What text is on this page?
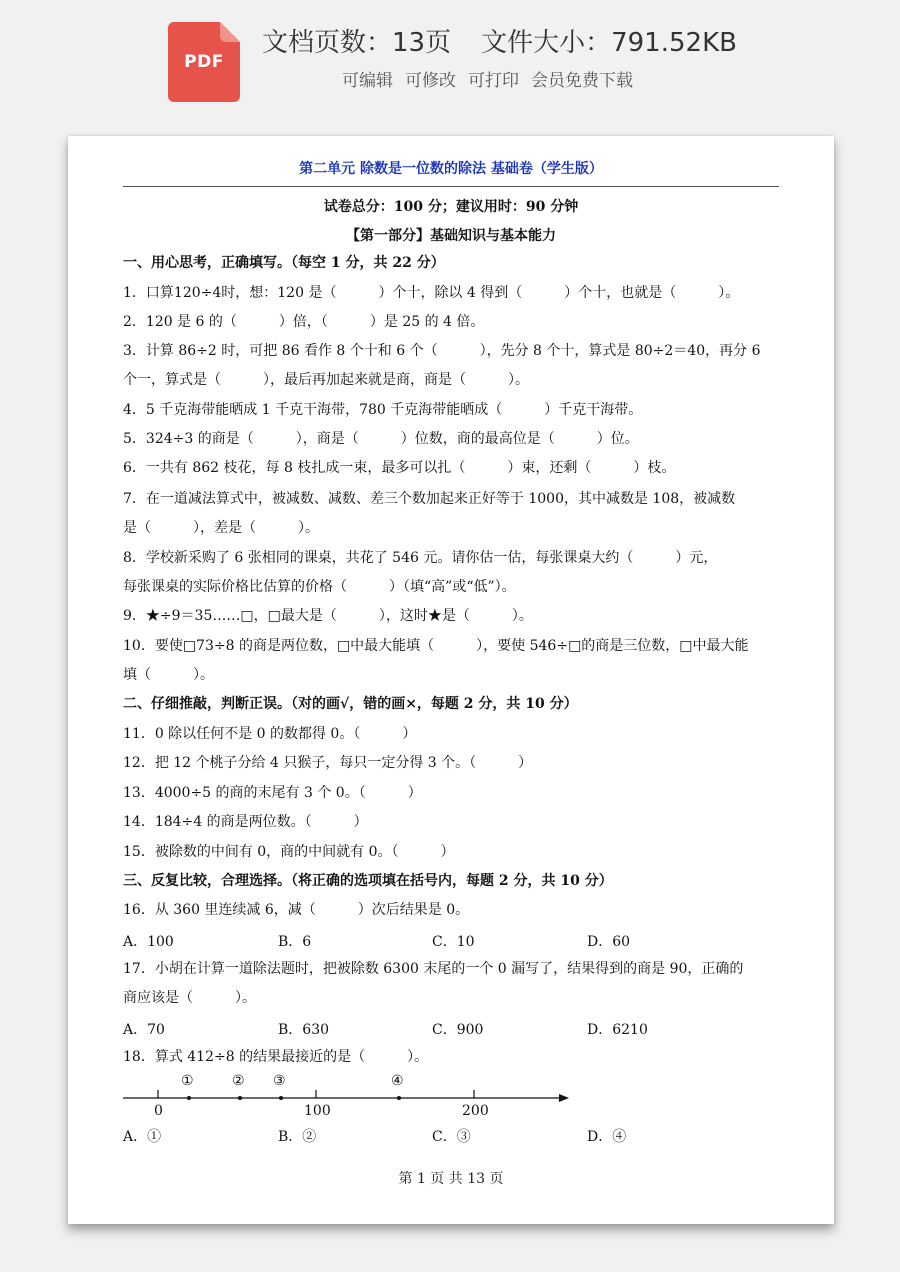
PDF
文档页数：13页 文件大小：791.52KB
可编辑 可修改 可打印 会员免费下载
第二单元 除数是一位数的除法 基础卷（学生版）
试卷总分：100 分；建议用时：90 分钟
【第一部分】基础知识与基本能力
一、用心思考，正确填写。（每空 1 分，共 22 分）
1．口算120÷4时，想：120 是（　　　）个十，除以 4 得到（　　　）个十，也就是（　　　）。
2．120 是 6 的（　　　）倍，（　　　）是 25 的 4 倍。
3．计算 86÷2 时，可把 86 看作 8 个十和 6 个（　　　），先分 8 个十，算式是 80÷2＝40，再分 6
个一，算式是（　　　），最后再加起来就是商，商是（　　　）。
4．5 千克海带能晒成 1 千克干海带，780 千克海带能晒成（　　　）千克干海带。
5．324÷3 的商是（　　　），商是（　　　）位数，商的最高位是（　　　）位。
6．一共有 862 枝花，每 8 枝扎成一束，最多可以扎（　　　）束，还剩（　　　）枝。
7．在一道减法算式中，被减数、减数、差三个数加起来正好等于 1000，其中减数是 108，被减数
是（　　　），差是（　　　）。
8．学校新采购了 6 张相同的课桌，共花了 546 元。请你估一估，每张课桌大约（　　　）元，
每张课桌的实际价格比估算的价格（　　　）（填“高”或“低”）。
9．★÷9＝35……□，□最大是（　　　），这时★是（　　　）。
10．要使□73÷8 的商是两位数，□中最大能填（　　　），要使 546÷□的商是三位数，□中最大能
填（　　　）。
二、仔细推敲，判断正误。（对的画√，错的画×，每题 2 分，共 10 分）
11．0 除以任何不是 0 的数都得 0。（　　　）
12．把 12 个桃子分给 4 只猴子，每只一定分得 3 个。（　　　）
13．4000÷5 的商的末尾有 3 个 0。（　　　）
14．184÷4 的商是两位数。（　　　）
15．被除数的中间有 0，商的中间就有 0。（　　　）
三、反复比较，合理选择。（将正确的选项填在括号内，每题 2 分，共 10 分）
16．从 360 里连续减 6，减（　　　）次后结果是 0。
A．100	B．6	C．10	D．60
17．小胡在计算一道除法题时，把被除数 6300 末尾的一个 0 漏写了，结果得到的商是 90，正确的
商应该是（　　　）。
A．70	B．630	C．900	D．6210
18．算式 412÷8 的结果最接近的是（　　　）。
①	② ③	④
0	100	200
A．①	B．②	C．③	D．④
第 1 页 共 13 页
